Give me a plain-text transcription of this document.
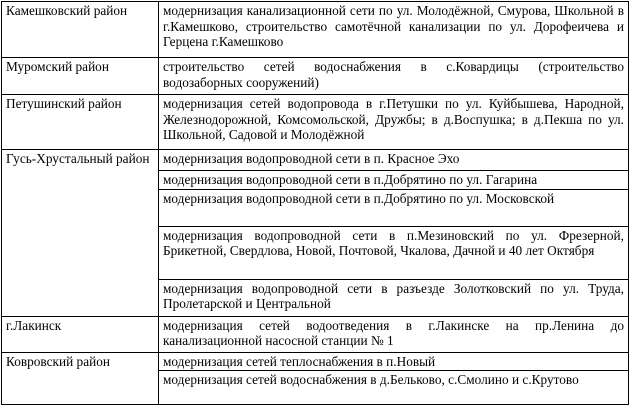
Камешковский район	модернизация канализационной сети по ул. Молодёжной, Смурова, Школьной в г.Камешково, строительство самотёчной канализации по ул. Дорофеичева и Герцена г.Камешково
Муромский район	строительство сетей водоснабжения в с.Ковардицы (строительство водозаборных сооружений)
Петушинский район	модернизация сетей водопровода в г.Петушки по ул. Куйбышева, Народной, Железнодорожной, Комсомольской, Дружбы; в д.Воспушка; в д.Пекша по ул. Школьной, Садовой и Молодёжной
Гусь-Хрустальный район	модернизация водопроводной сети в п. Красное Эхо
	модернизация водопроводной сети в п.Добрятино по ул. Гагарина
	модернизация водопроводной сети в п.Добрятино по ул. Московской
	модернизация водопроводной сети в п.Мезиновский по ул. Фрезерной, Брикетной, Свердлова, Новой, Почтовой, Чкалова, Дачной и 40 лет Октября
	модернизация водопроводной сети в разъезде Золотковский по ул. Труда, Пролетарской и Центральной
г.Лакинск	модернизация сетей водоотведения в г.Лакинске на пр.Ленина до канализационной насосной станции № 1
Ковровский район	модернизация сетей теплоснабжения в п.Новый
	модернизация сетей водоснабжения в д.Бельково, с.Смолино и с.Крутово
